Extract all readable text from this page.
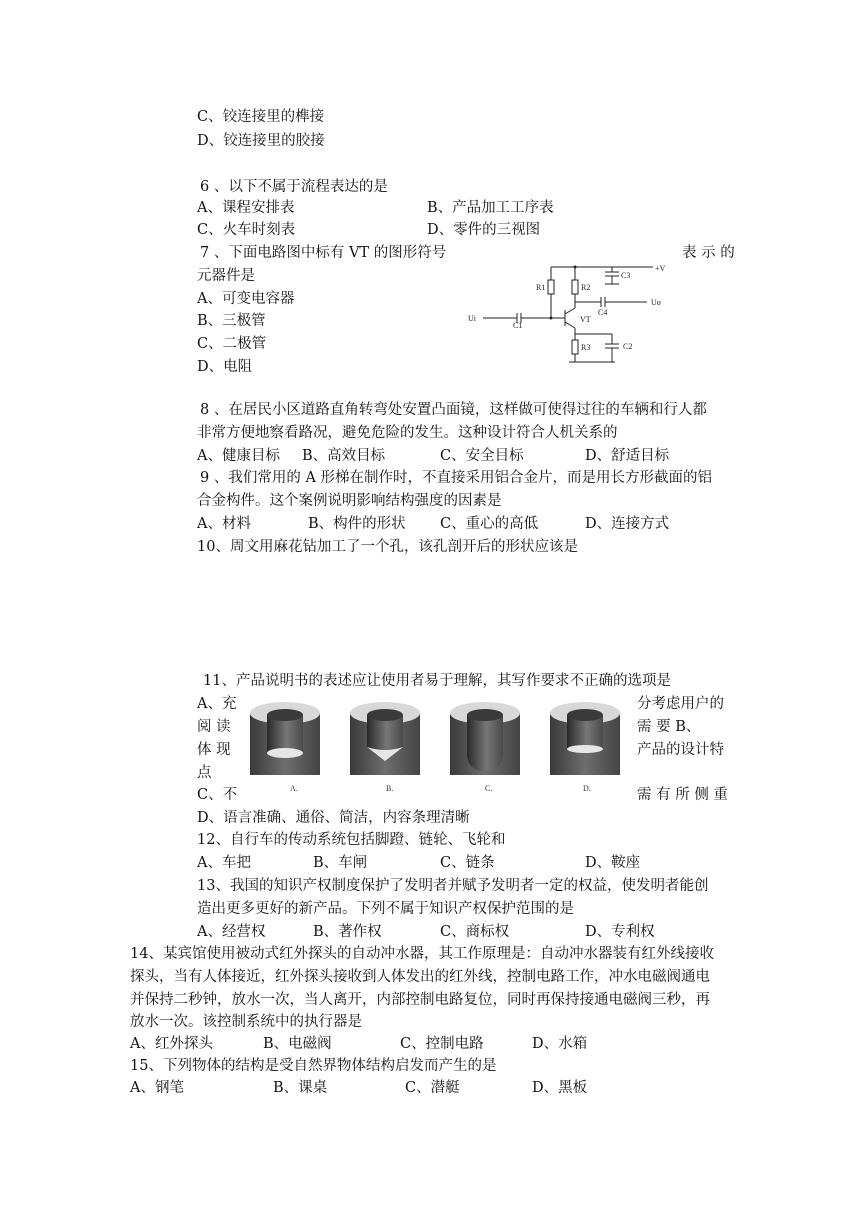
C、铰连接里的榫接
D、铰连接里的胶接
6 、以下不属于流程表达的是
A、课程安排表	B、产品加工工序表
C、火车时刻表	D、零件的三视图
7 、下面电路图中标有 VT 的图形符号	表 示 的
元器件是
A、可变电容器
B、三极管
C、二极管
D、电阻
+V
R1	R2
C3
C4
Uo
Ui
C1
VT
R3	C2
8 、在居民小区道路直角转弯处安置凸面镜，这样做可使得过往的车辆和行人都
非常方便地察看路况，避免危险的发生。这种设计符合人机关系的
A、健康目标 B、高效目标	C、安全目标	D、舒适目标
9 、我们常用的 A 形梯在制作时，不直接采用铝合金片，而是用长方形截面的铝
合金构件。这个案例说明影响结构强度的因素是
A、材料	B、构件的形状 C、重心的高低	D、连接方式
10、周文用麻花钻加工了一个孔，该孔剖开后的形状应该是
11、产品说明书的表述应让使用者易于理解，其写作要求不正确的选项是
A、充
阅 读
体 现
点
C、不
分考虑用户的
需 要 B、
产品的设计特
需 有 所 侧 重
A.	B.	C.	D.
D、语言准确、通俗、简洁，内容条理清晰
12、自行车的传动系统包括脚蹬、链轮、飞轮和
A、车把	B、车闸	C、链条	D、鞍座
13、我国的知识产权制度保护了发明者并赋予发明者一定的权益，使发明者能创
造出更多更好的新产品。下列不属于知识产权保护范围的是
A、经营权	B、著作权	C、商标权	D、专利权
14、某宾馆使用被动式红外探头的自动冲水器，其工作原理是：自动冲水器装有红外线接收
探头，当有人体接近，红外探头接收到人体发出的红外线，控制电路工作，冲水电磁阀通电
并保持二秒钟，放水一次，当人离开，内部控制电路复位，同时再保持接通电磁阀三秒，再
放水一次。该控制系统中的执行器是
A、红外探头	B、电磁阀	C、控制电路	D、水箱
15、下列物体的结构是受自然界物体结构启发而产生的是
A、钢笔	B、课桌	C、潜艇	D、黑板
